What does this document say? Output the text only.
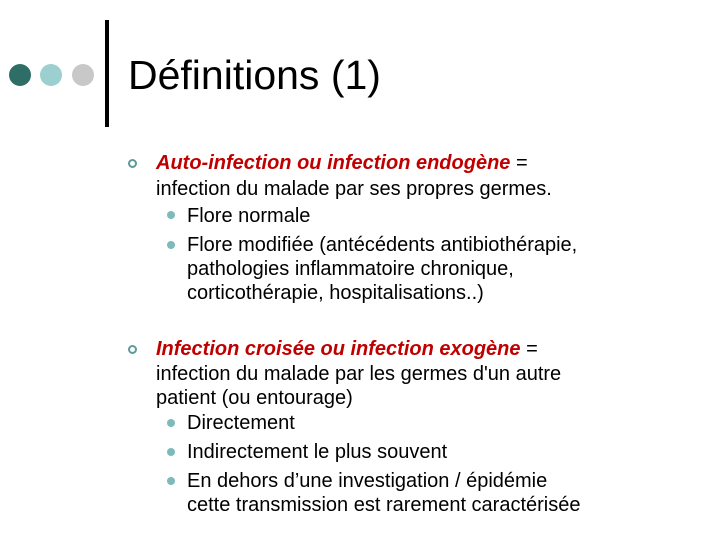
Définitions (1)
Auto-infection ou infection endogène =
infection du malade par ses propres germes.
Flore normale
Flore modifiée (antécédents antibiothérapie,
pathologies inflammatoire chronique,
corticothérapie, hospitalisations..)
Infection croisée ou infection exogène =
infection du malade par les germes d'un autre
patient (ou entourage)
Directement
Indirectement le plus souvent
En dehors d’une investigation / épidémie
cette transmission est rarement caractérisée
